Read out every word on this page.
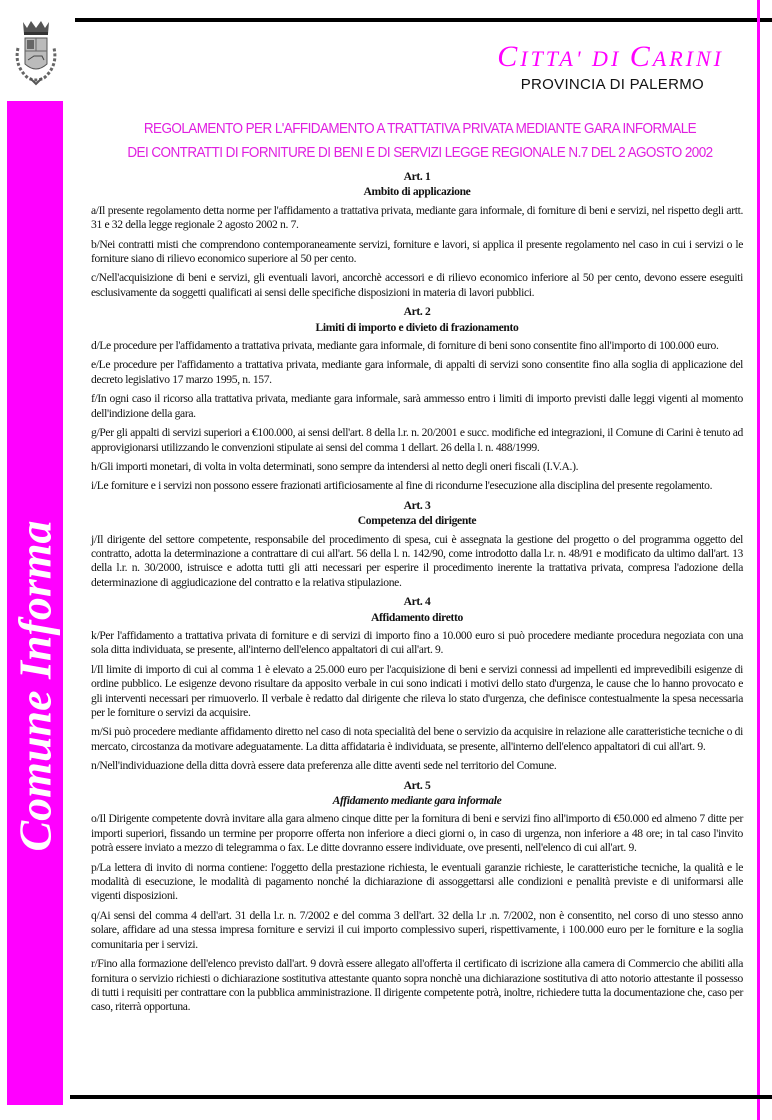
Comune Informa
CITTA' DI CARINI
PROVINCIA DI PALERMO
REGOLAMENTO PER L'AFFIDAMENTO A TRATTATIVA PRIVATA MEDIANTE GARA INFORMALE
DEI CONTRATTI DI FORNITURE DI BENI E DI SERVIZI LEGGE REGIONALE N.7 DEL 2 AGOSTO 2002
Art. 1
Ambito di applicazione

a/Il presente regolamento detta norme per l'affidamento a trattativa privata, mediante gara informale, di forniture di beni e servizi, nel rispetto degli artt. 31 e 32 della legge regionale 2 agosto 2002 n. 7.

b/Nei contratti misti che comprendono contemporaneamente servizi, forniture e lavori, si applica il presente regolamento nel caso in cui i servizi o le forniture siano di rilievo economico superiore al 50 per cento.

c/Nell'acquisizione di beni e servizi, gli eventuali lavori, ancorchè accessori e di rilievo economico inferiore al 50 per cento, devono essere eseguiti esclusivamente da soggetti qualificati ai sensi delle specifiche disposizioni in materia di lavori pubblici.

Art. 2
Limiti di importo e divieto di frazionamento

d/Le procedure per l'affidamento a trattativa privata, mediante gara informale, di forniture di beni sono consentite fino all'importo di 100.000 euro.

e/Le procedure per l'affidamento a trattativa privata, mediante gara informale, di appalti di servizi sono consentite fino alla soglia di applicazione del decreto legislativo 17 marzo 1995, n. 157.

f/In ogni caso il ricorso alla trattativa privata, mediante gara informale, sarà ammesso entro i limiti di importo previsti dalle leggi vigenti al momento dell'indizione della gara.

g/Per gli appalti di servizi superiori a €100.000, ai sensi dell'art. 8 della l.r. n. 20/2001 e succ. modifiche ed integrazioni, il Comune di Carini è tenuto ad approvigionarsi utilizzando le convenzioni stipulate ai sensi del comma 1 dellart. 26 della l. n. 488/1999.

h/Gli importi monetari, di volta in volta determinati, sono sempre da intendersi al netto degli oneri fiscali (I.V.A.).

i/Le forniture e i servizi non possono essere frazionati artificiosamente al fine di ricondurne l'esecuzione alla disciplina del presente regolamento.

Art. 3
Competenza del dirigente

j/Il dirigente del settore competente, responsabile del procedimento di spesa, cui è assegnata la gestione del progetto o del programma oggetto del contratto, adotta la determinazione a contrattare di cui all'art. 56 della l. n. 142/90, come introdotto dalla l.r. n. 48/91 e modificato da ultimo dall'art. 13 della l.r. n. 30/2000, istruisce e adotta tutti gli atti necessari per esperire il procedimento inerente la trattativa privata, compresa l'adozione della determinazione di aggiudicazione del contratto e la relativa stipulazione.

Art. 4
Affidamento diretto

k/Per l'affidamento a trattativa privata di forniture e di servizi di importo fino a 10.000 euro si può procedere mediante procedura negoziata con una sola ditta individuata, se presente, all'interno dell'elenco appaltatori di cui all'art. 9.

l/Il limite di importo di cui al comma 1 è elevato a 25.000 euro per l'acquisizione di beni e servizi connessi ad impellenti ed imprevedibili esigenze di ordine pubblico. Le esigenze devono risultare da apposito verbale in cui sono indicati i motivi dello stato d'urgenza, le cause che lo hanno provocato e gli interventi necessari per rimuoverlo. Il verbale è redatto dal dirigente che rileva lo stato d'urgenza, che definisce contestualmente la spesa necessaria per le forniture o servizi da acquisire.

m/Si può procedere mediante affidamento diretto nel caso di nota specialità del bene o servizio da acquisire in relazione alle caratteristiche tecniche o di mercato, circostanza da motivare adeguatamente. La ditta affidataria è individuata, se presente, all'interno dell'elenco appaltatori di cui all'art. 9.

n/Nell'individuazione della ditta dovrà essere data preferenza alle ditte aventi sede nel territorio del Comune.

Art. 5
Affidamento mediante gara informale

o/Il Dirigente competente dovrà invitare alla gara almeno cinque ditte per la fornitura di beni e servizi fino all'importo di €50.000 ed almeno 7 ditte per importi superiori, fissando un termine per proporre offerta non inferiore a dieci giorni o, in caso di urgenza, non inferiore a 48 ore; in tal caso l'invito potrà essere inviato a mezzo di telegramma o fax. Le ditte dovranno essere individuate, ove presenti, nell'elenco di cui all'art. 9.

p/La lettera di invito di norma contiene: l'oggetto della prestazione richiesta, le eventuali garanzie richieste, le caratteristiche tecniche, la qualità e le modalità di esecuzione, le modalità di pagamento nonché la dichiarazione di assoggettarsi alle condizioni e penalità previste e di uniformarsi alle vigenti disposizioni.

q/Ai sensi del comma 4 dell'art. 31 della l.r. n. 7/2002 e del comma 3 dell'art. 32 della l.r .n. 7/2002, non è consentito, nel corso di uno stesso anno solare, affidare ad una stessa impresa forniture e servizi il cui importo complessivo superi, rispettivamente, i 100.000 euro per le forniture e la soglia comunitaria per i servizi.

r/Fino alla formazione dell'elenco previsto dall'art. 9 dovrà essere allegato all'offerta il certificato di iscrizione alla camera di Commercio che abiliti alla fornitura o servizio richiesti o dichiarazione sostitutiva attestante quanto sopra nonchè una dichiarazione sostitutiva di atto notorio attestante il possesso di tutti i requisiti per contrattare con la pubblica amministrazione. Il dirigente competente potrà, inoltre, richiedere tutta la documentazione che, caso per caso, riterrà opportuna.
